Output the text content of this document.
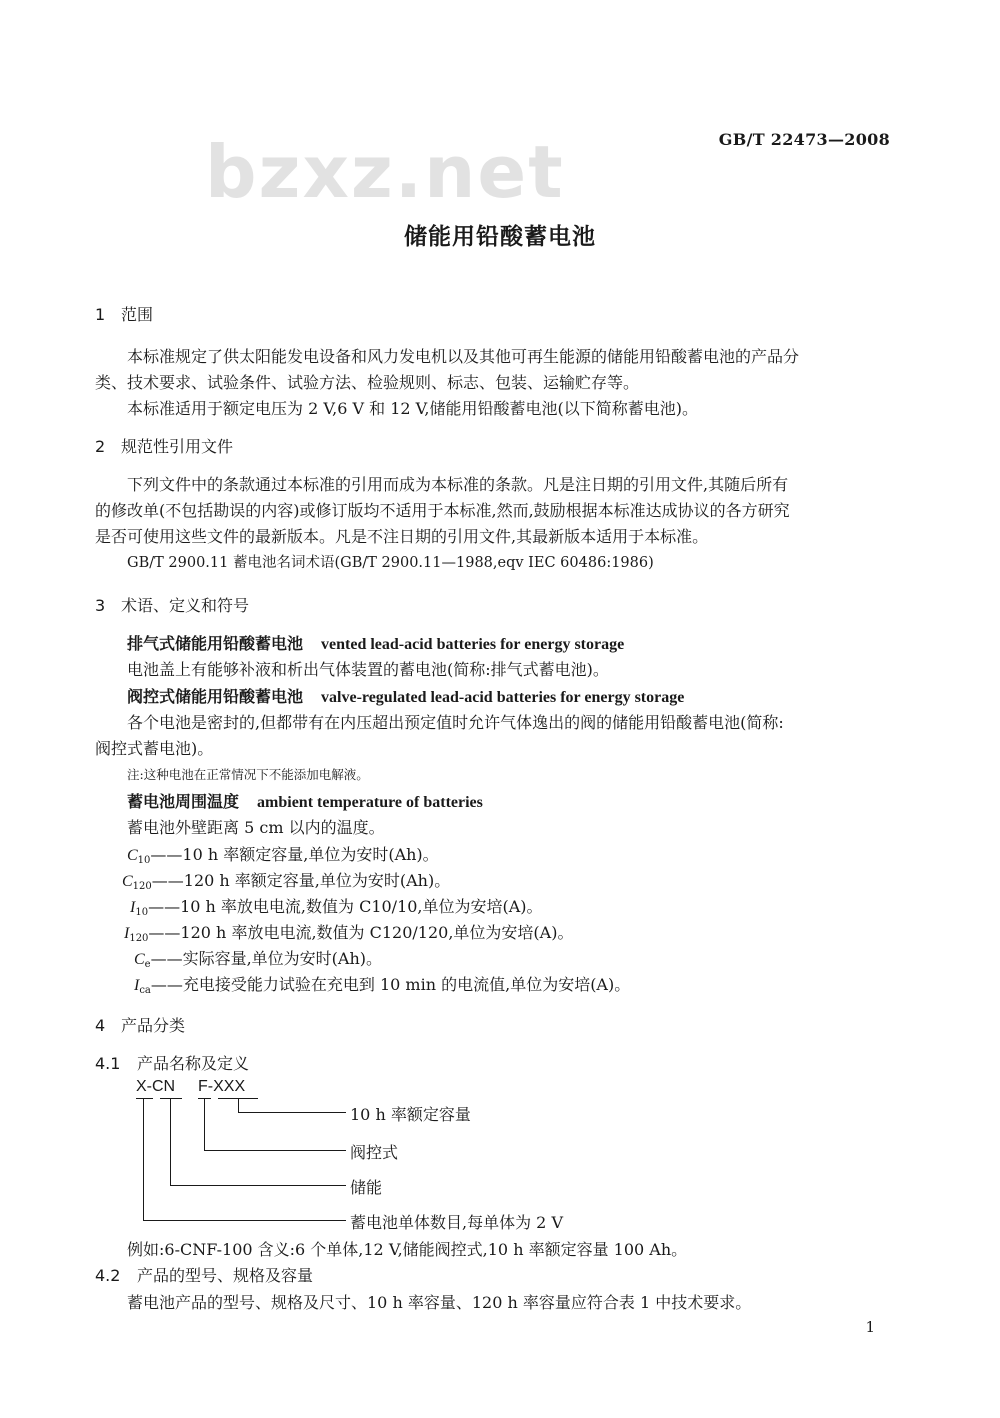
bzxz.net	GB/T 22473—2008
储能用铅酸蓄电池
1 范围
本标准规定了供太阳能发电设备和风力发电机以及其他可再生能源的储能用铅酸蓄电池的产品分
类、技术要求、试验条件、试验方法、检验规则、标志、包装、运输贮存等。
本标准适用于额定电压为 2 V,6 V 和 12 V,储能用铅酸蓄电池(以下简称蓄电池)。
2 规范性引用文件
下列文件中的条款通过本标准的引用而成为本标准的条款。凡是注日期的引用文件,其随后所有
的修改单(不包括勘误的内容)或修订版均不适用于本标准,然而,鼓励根据本标准达成协议的各方研究
是否可使用这些文件的最新版本。凡是不注日期的引用文件,其最新版本适用于本标准。
GB/T 2900.11 蓄电池名词术语(GB/T 2900.11—1988,eqv IEC 60486:1986)
3 术语、定义和符号
排气式储能用铅酸蓄电池 vented lead-acid batteries for energy storage
电池盖上有能够补液和析出气体装置的蓄电池(简称:排气式蓄电池)。
阀控式储能用铅酸蓄电池 valve-regulated lead-acid batteries for energy storage
各个电池是密封的,但都带有在内压超出预定值时允许气体逸出的阀的储能用铅酸蓄电池(简称:
阀控式蓄电池)。
注:这种电池在正常情况下不能添加电解液。
蓄电池周围温度 ambient temperature of batteries
蓄电池外壁距离 5 cm 以内的温度。
$C_{10}——10$ h 率额定容量,单位为安时(Ah)。
$C_{120}——120$ h 率额定容量,单位为安时(Ah)。
$I_{10}——10$ h 率放电电流,数值为 C10/10,单位为安培(A)。
$I_{120}——120$ h 率放电电流,数值为 C120/120,单位为安培(A)。
$C_e——$实际容量,单位为安时(Ah)。
$I_{ca}——$充电接受能力试验在充电到 10 min 的电流值,单位为安培(A)。
4 产品分类
4.1 产品名称及定义
X-CN F-XXX
10 h 率额定容量
阀控式
储能
蓄电池单体数目,每单体为 2 V
例如:6-CNF-100 含义:6 个单体,12 V,储能阀控式,10 h 率额定容量 100 Ah。
4.2 产品的型号、规格及容量
蓄电池产品的型号、规格及尺寸、10 h 率容量、120 h 率容量应符合表 1 中技术要求。
1
